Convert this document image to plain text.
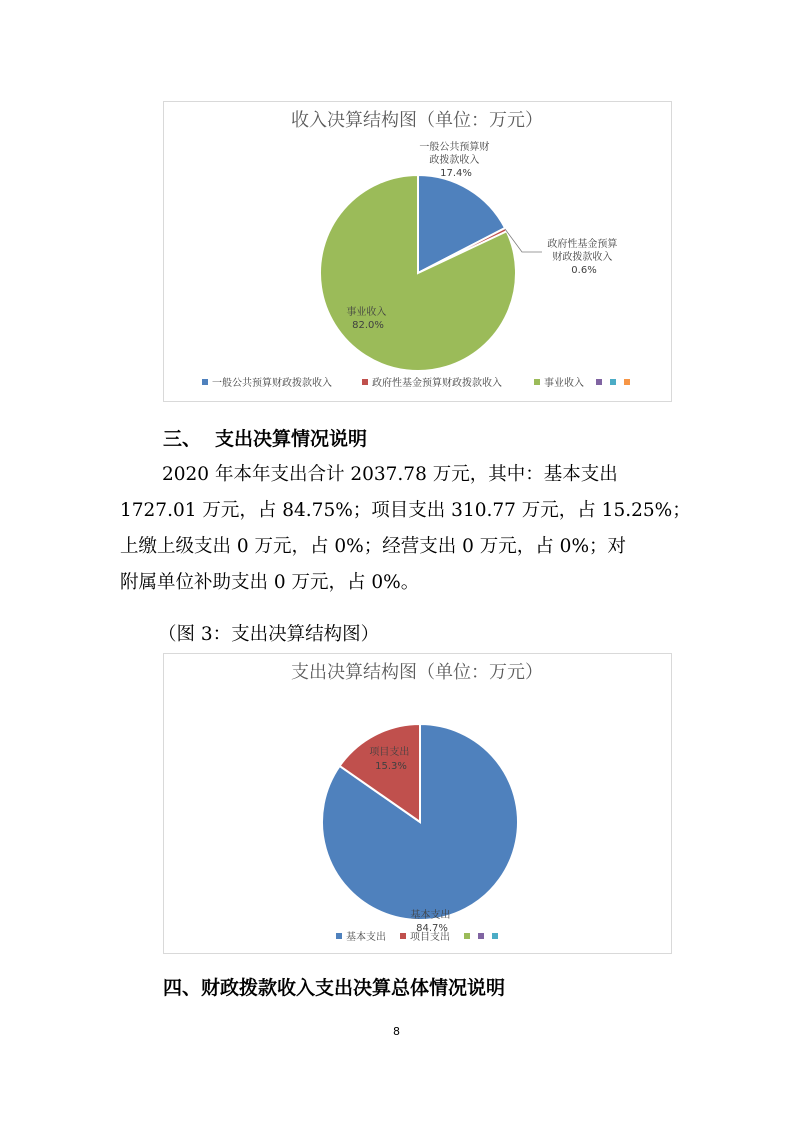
收入决算结构图（单位：万元）
一般公共预算财 政拨款收入 17.4%
政府性基金预算 财政拨款收入 0.6%
事业收入 82.0%
一般公共预算财政拨款收入	政府性基金预算财政拨款收入	事业收入
三、 支出决算情况说明
2020 年本年支出合计 2037.78 万元，其中：基本支出
1727.01 万元，占 84.75%；项目支出 310.77 万元，占 15.25%；
上缴上级支出 0 万元，占 0%；经营支出 0 万元，占 0%；对
附属单位补助支出 0 万元，占 0%。
（图 3：支出决算结构图）
支出决算结构图（单位：万元）
基本支出 84.7%
项目支出 15.3%
基本支出 项目支出
四、财政拨款收入支出决算总体情况说明
8
